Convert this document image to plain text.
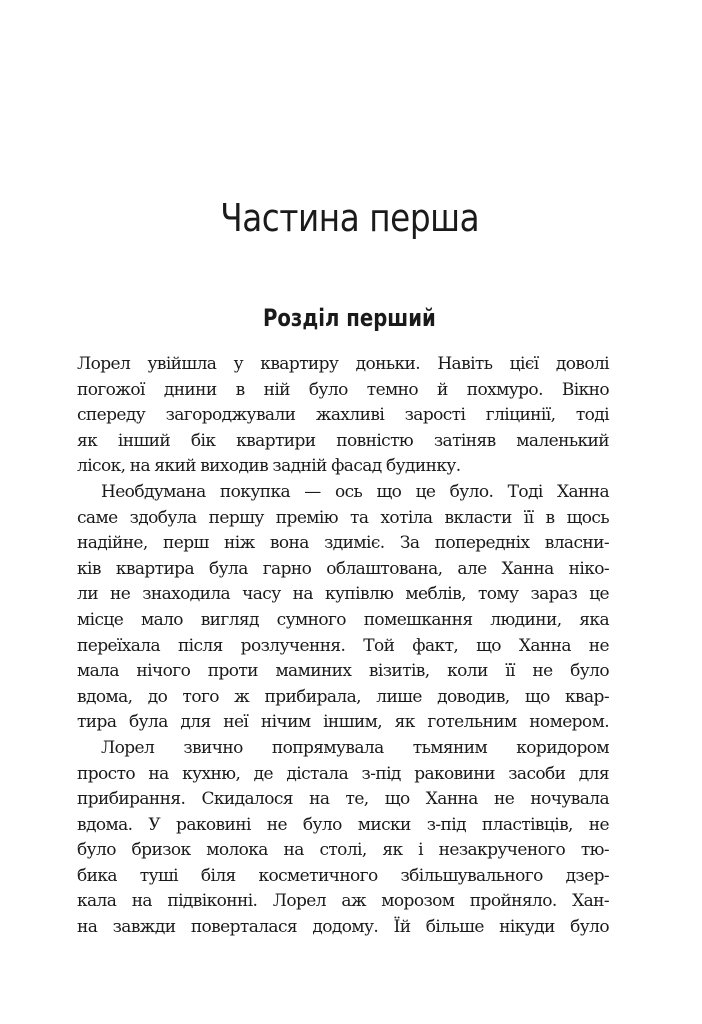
Частина перша
Розділ перший
Лорел увійшла у квартиру доньки. Навіть цієї доволі
погожої днини в ній було темно й похмуро. Вікно
спереду загороджували жахливі зарості гліцинії, тоді
як інший бік квартири повністю затіняв маленький
лісок, на який виходив задній фасад будинку.
Необдумана покупка — ось що це було. Тоді Ханна
саме здобула першу премію та хотіла вкласти її в щось
надійне, перш ніж вона здиміє. За попередніх власни-
ків квартира була гарно облаштована, але Ханна ніко-
ли не знаходила часу на купівлю меблів, тому зараз це
місце мало вигляд сумного помешкання людини, яка
переїхала після розлучення. Той факт, що Ханна не
мала нічого проти маминих візитів, коли її не було
вдома, до того ж прибирала, лише доводив, що квар-
тира була для неї нічим іншим, як готельним номером.
Лорел звично попрямувала тьмяним коридором
просто на кухню, де дістала з-під раковини засоби для
прибирання. Скидалося на те, що Ханна не ночувала
вдома. У раковині не було миски з-під пластівців, не
було бризок молока на столі, як і незакрученого тю-
бика туші біля косметичного збільшувального дзер-
кала на підвіконні. Лорел аж морозом пройняло. Хан-
на завжди поверталася додому. Їй більше нікуди було
